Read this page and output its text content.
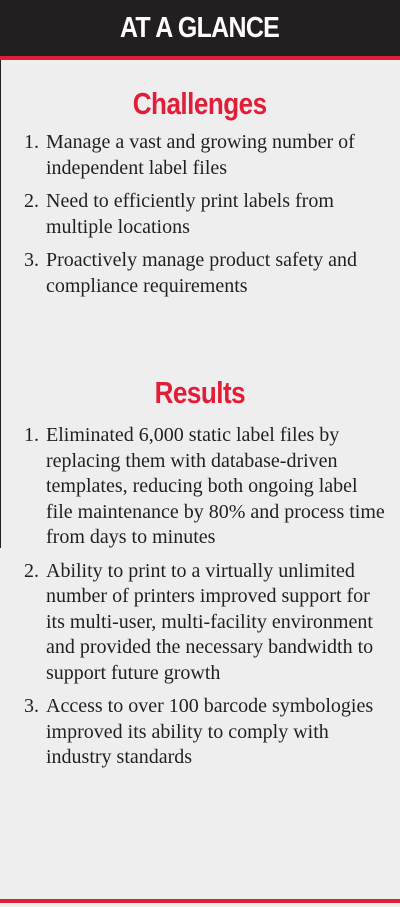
AT A GLANCE
Challenges
1. Manage a vast and growing number of independent label files
2. Need to efficiently print labels from multiple locations
3. Proactively manage product safety and compliance requirements
Results
1. Eliminated 6,000 static label files by replacing them with database-driven templates, reducing both ongoing label file maintenance by 80% and process time from days to minutes
2. Ability to print to a virtually unlimited number of printers improved support for its multi-user, multi-facility environment and provided the necessary bandwidth to support future growth
3. Access to over 100 barcode symbologies improved its ability to comply with industry standards
